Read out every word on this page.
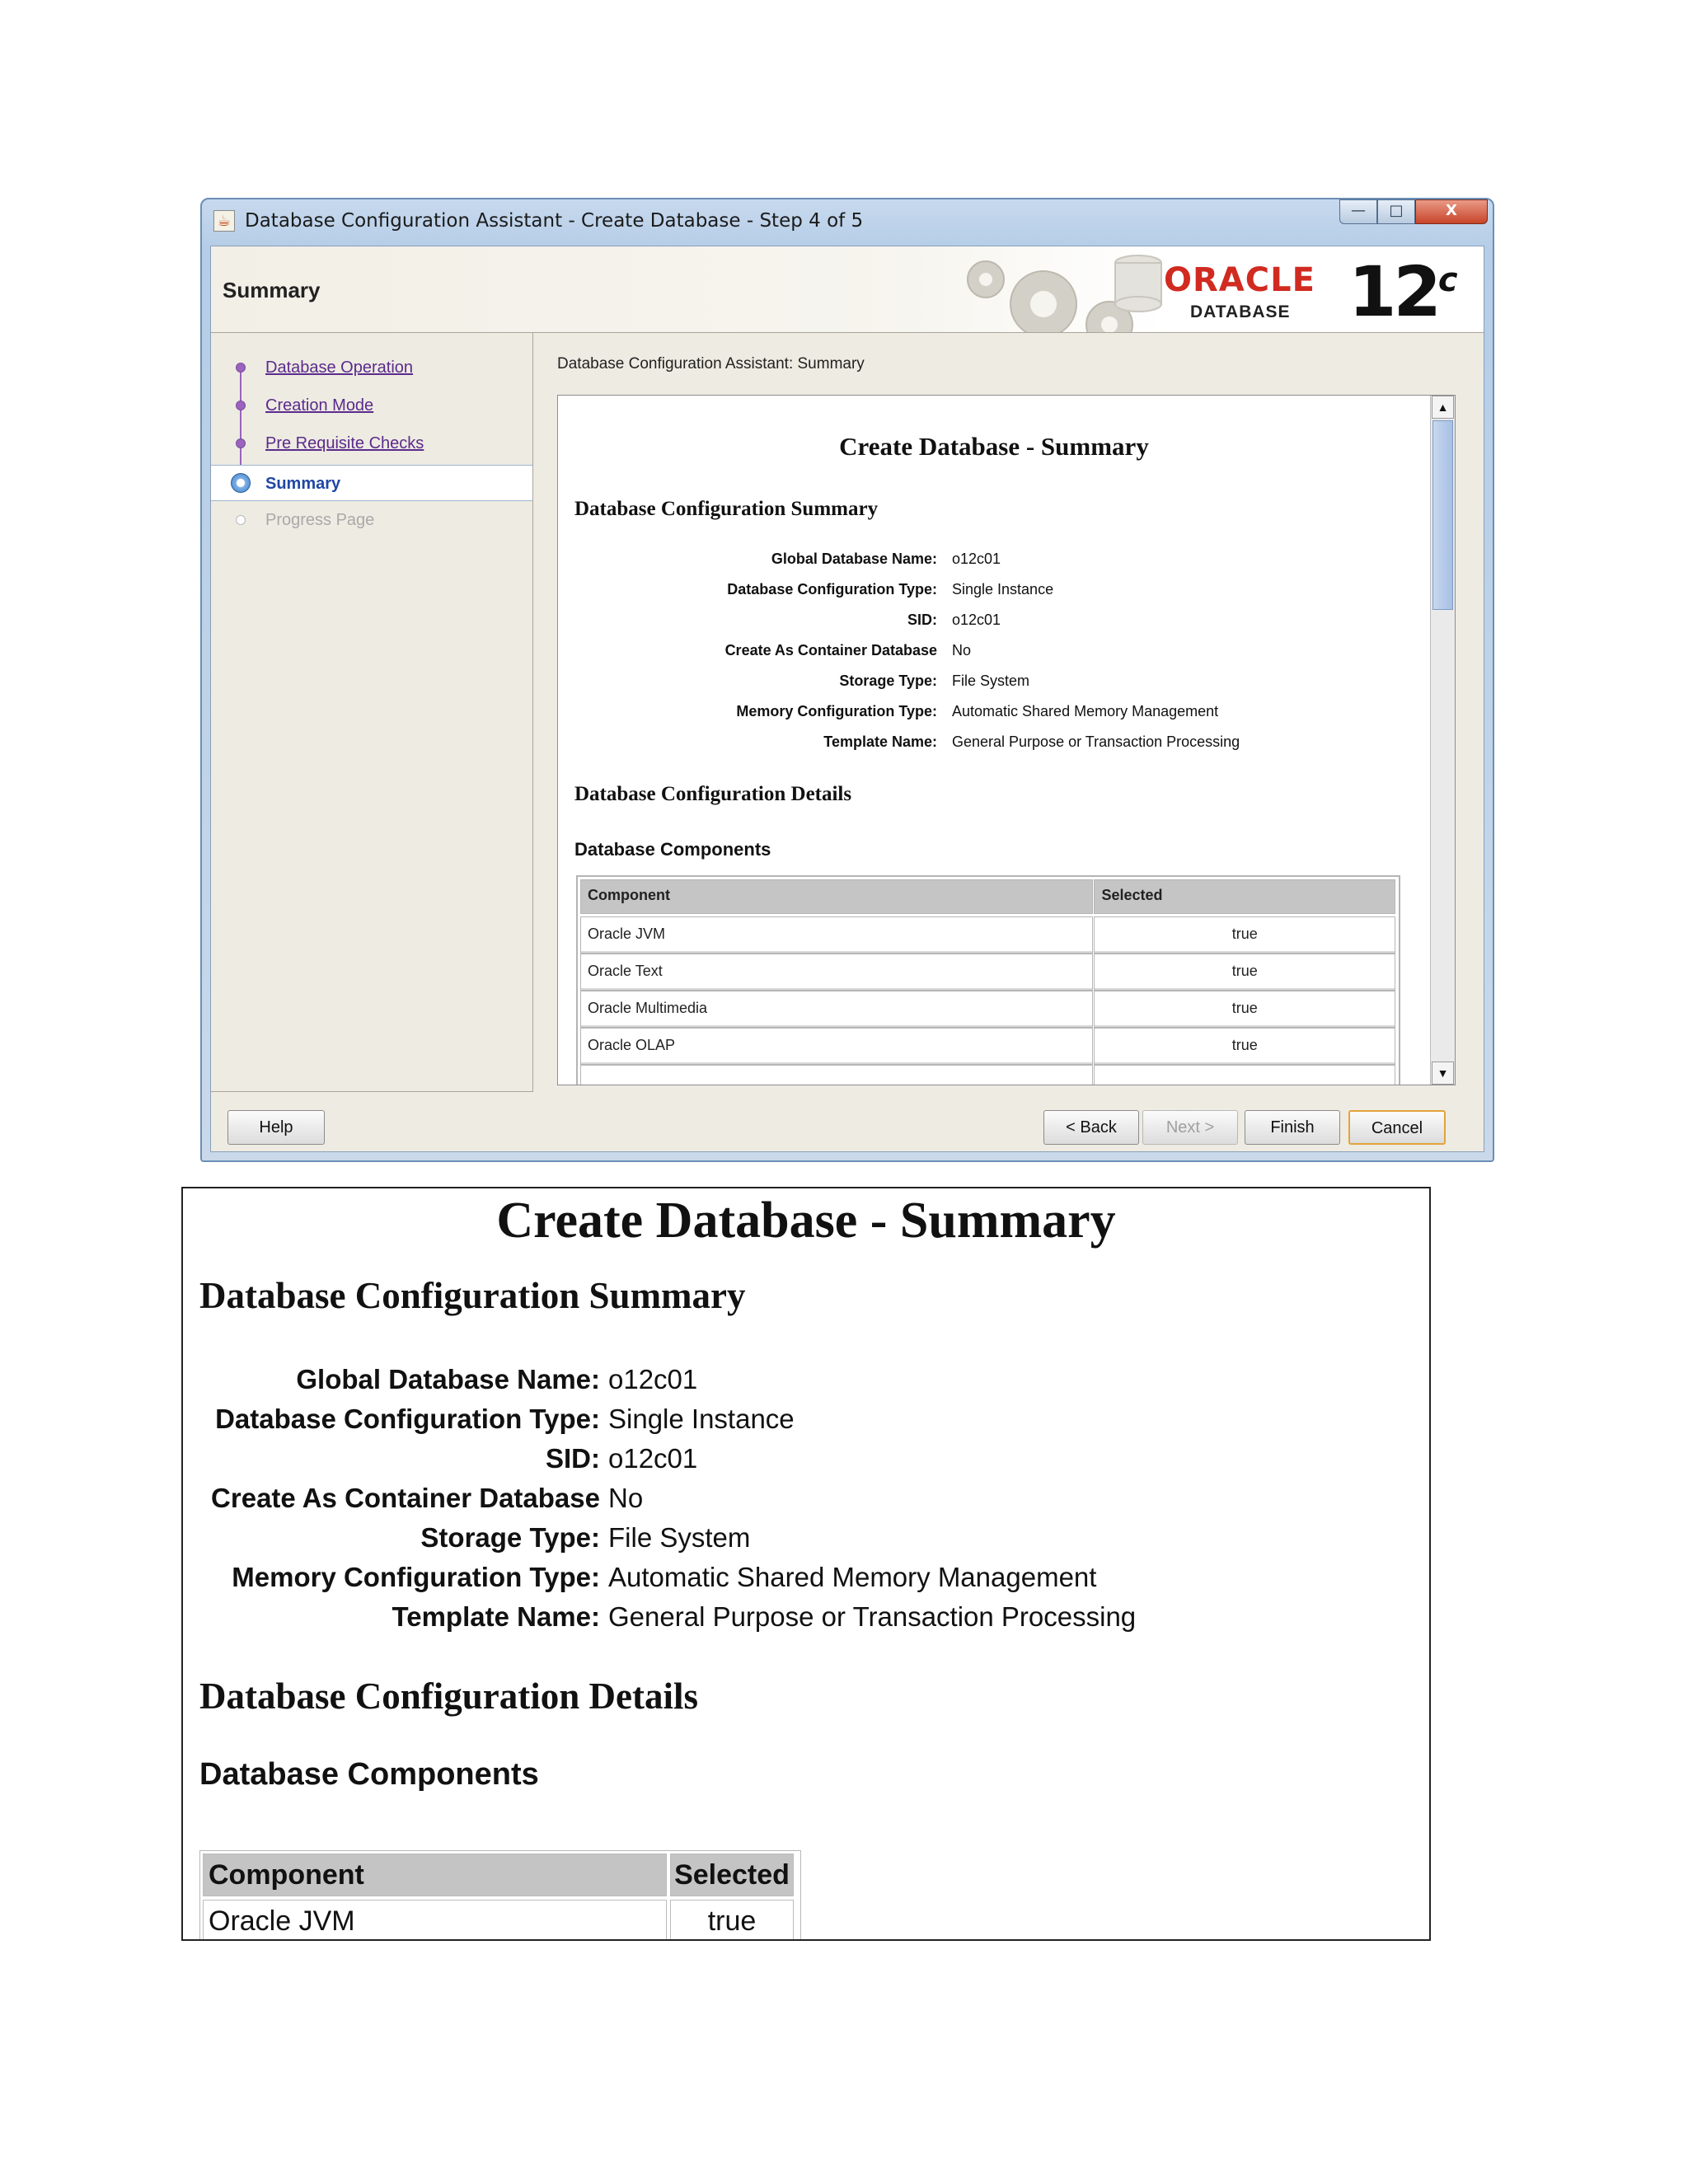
☕ Database Configuration Assistant - Create Database - Step 4 of 5	—	□	X
Summary	ORACLE
DATABASE 12$^c$
Database Operation
Creation Mode
Pre Requisite Checks
Summary
Progress Page
Database Configuration Assistant: Summary
Create Database - Summary
Database Configuration Summary
Global Database Name: o12c01
Database Configuration Type: Single Instance
SID: o12c01
Create As Container Database No
Storage Type: File System
Memory Configuration Type: Automatic Shared Memory Management
Template Name: General Purpose or Transaction Processing
Database Configuration Details
Database Components
Component	Selected
Oracle JVM	true
Oracle Text	true
Oracle Multimedia	true
Oracle OLAP	true
▲
▼
Help	< Back	Next >	Finish	Cancel
Create Database - Summary
Database Configuration Summary
Global Database Name: o12c01
Database Configuration Type: Single Instance
SID: o12c01
Create As Container Database No
Storage Type: File System
Memory Configuration Type: Automatic Shared Memory Management
Template Name: General Purpose or Transaction Processing
Database Configuration Details
Database Components
Component	Selected
Oracle JVM	true
